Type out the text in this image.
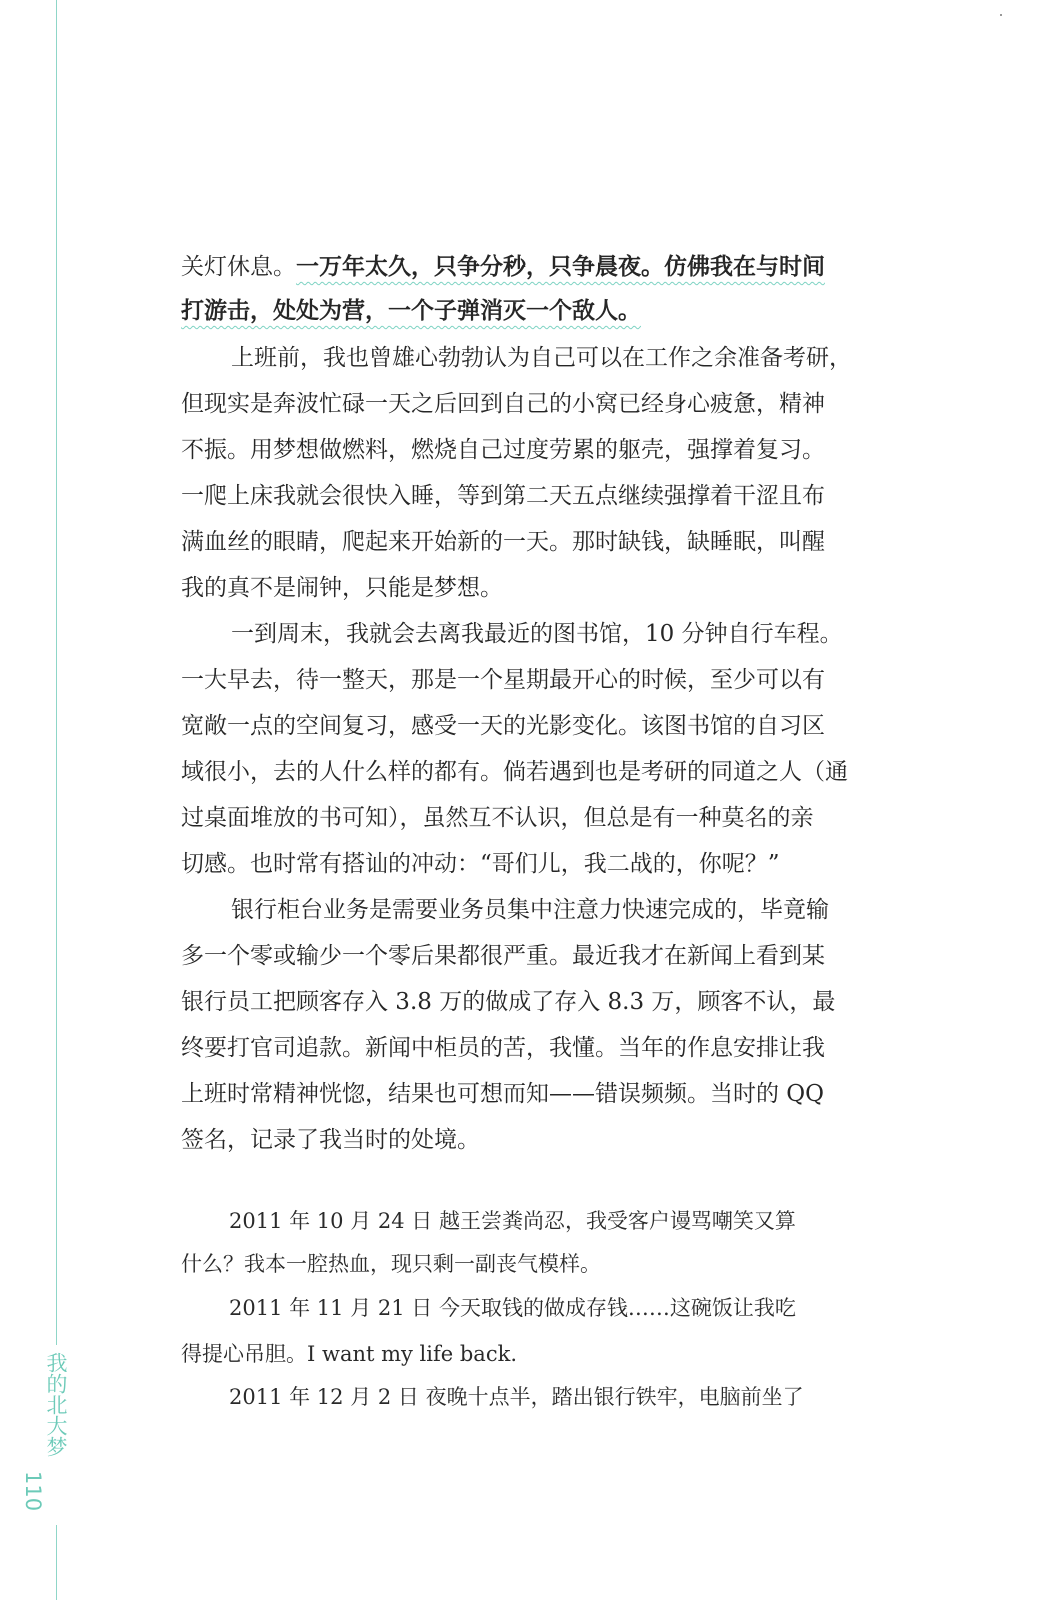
我的北大梦
110
关灯休息。一万年太久，只争分秒，只争晨夜。仿佛我在与时间
打游击，处处为营，一个子弹消灭一个敌人。
上班前，我也曾雄心勃勃认为自己可以在工作之余准备考研，
但现实是奔波忙碌一天之后回到自己的小窝已经身心疲惫，精神
不振。用梦想做燃料，燃烧自己过度劳累的躯壳，强撑着复习。
一爬上床我就会很快入睡，等到第二天五点继续强撑着干涩且布
满血丝的眼睛，爬起来开始新的一天。那时缺钱，缺睡眠，叫醒
我的真不是闹钟，只能是梦想。
一到周末，我就会去离我最近的图书馆，10 分钟自行车程。
一大早去，待一整天，那是一个星期最开心的时候，至少可以有
宽敞一点的空间复习，感受一天的光影变化。该图书馆的自习区
域很小，去的人什么样的都有。倘若遇到也是考研的同道之人（通
过桌面堆放的书可知），虽然互不认识，但总是有一种莫名的亲
切感。也时常有搭讪的冲动：“哥们儿，我二战的，你呢？”
银行柜台业务是需要业务员集中注意力快速完成的，毕竟输
多一个零或输少一个零后果都很严重。最近我才在新闻上看到某
银行员工把顾客存入 3.8 万的做成了存入 8.3 万，顾客不认，最
终要打官司追款。新闻中柜员的苦，我懂。当年的作息安排让我
上班时常精神恍惚，结果也可想而知——错误频频。当时的 QQ
签名，记录了我当时的处境。
2011 年 10 月 24 日 越王尝粪尚忍，我受客户谩骂嘲笑又算
什么？我本一腔热血，现只剩一副丧气模样。
2011 年 11 月 21 日 今天取钱的做成存钱……这碗饭让我吃
得提心吊胆。I want my life back.
2011 年 12 月 2 日 夜晚十点半，踏出银行铁牢，电脑前坐了
